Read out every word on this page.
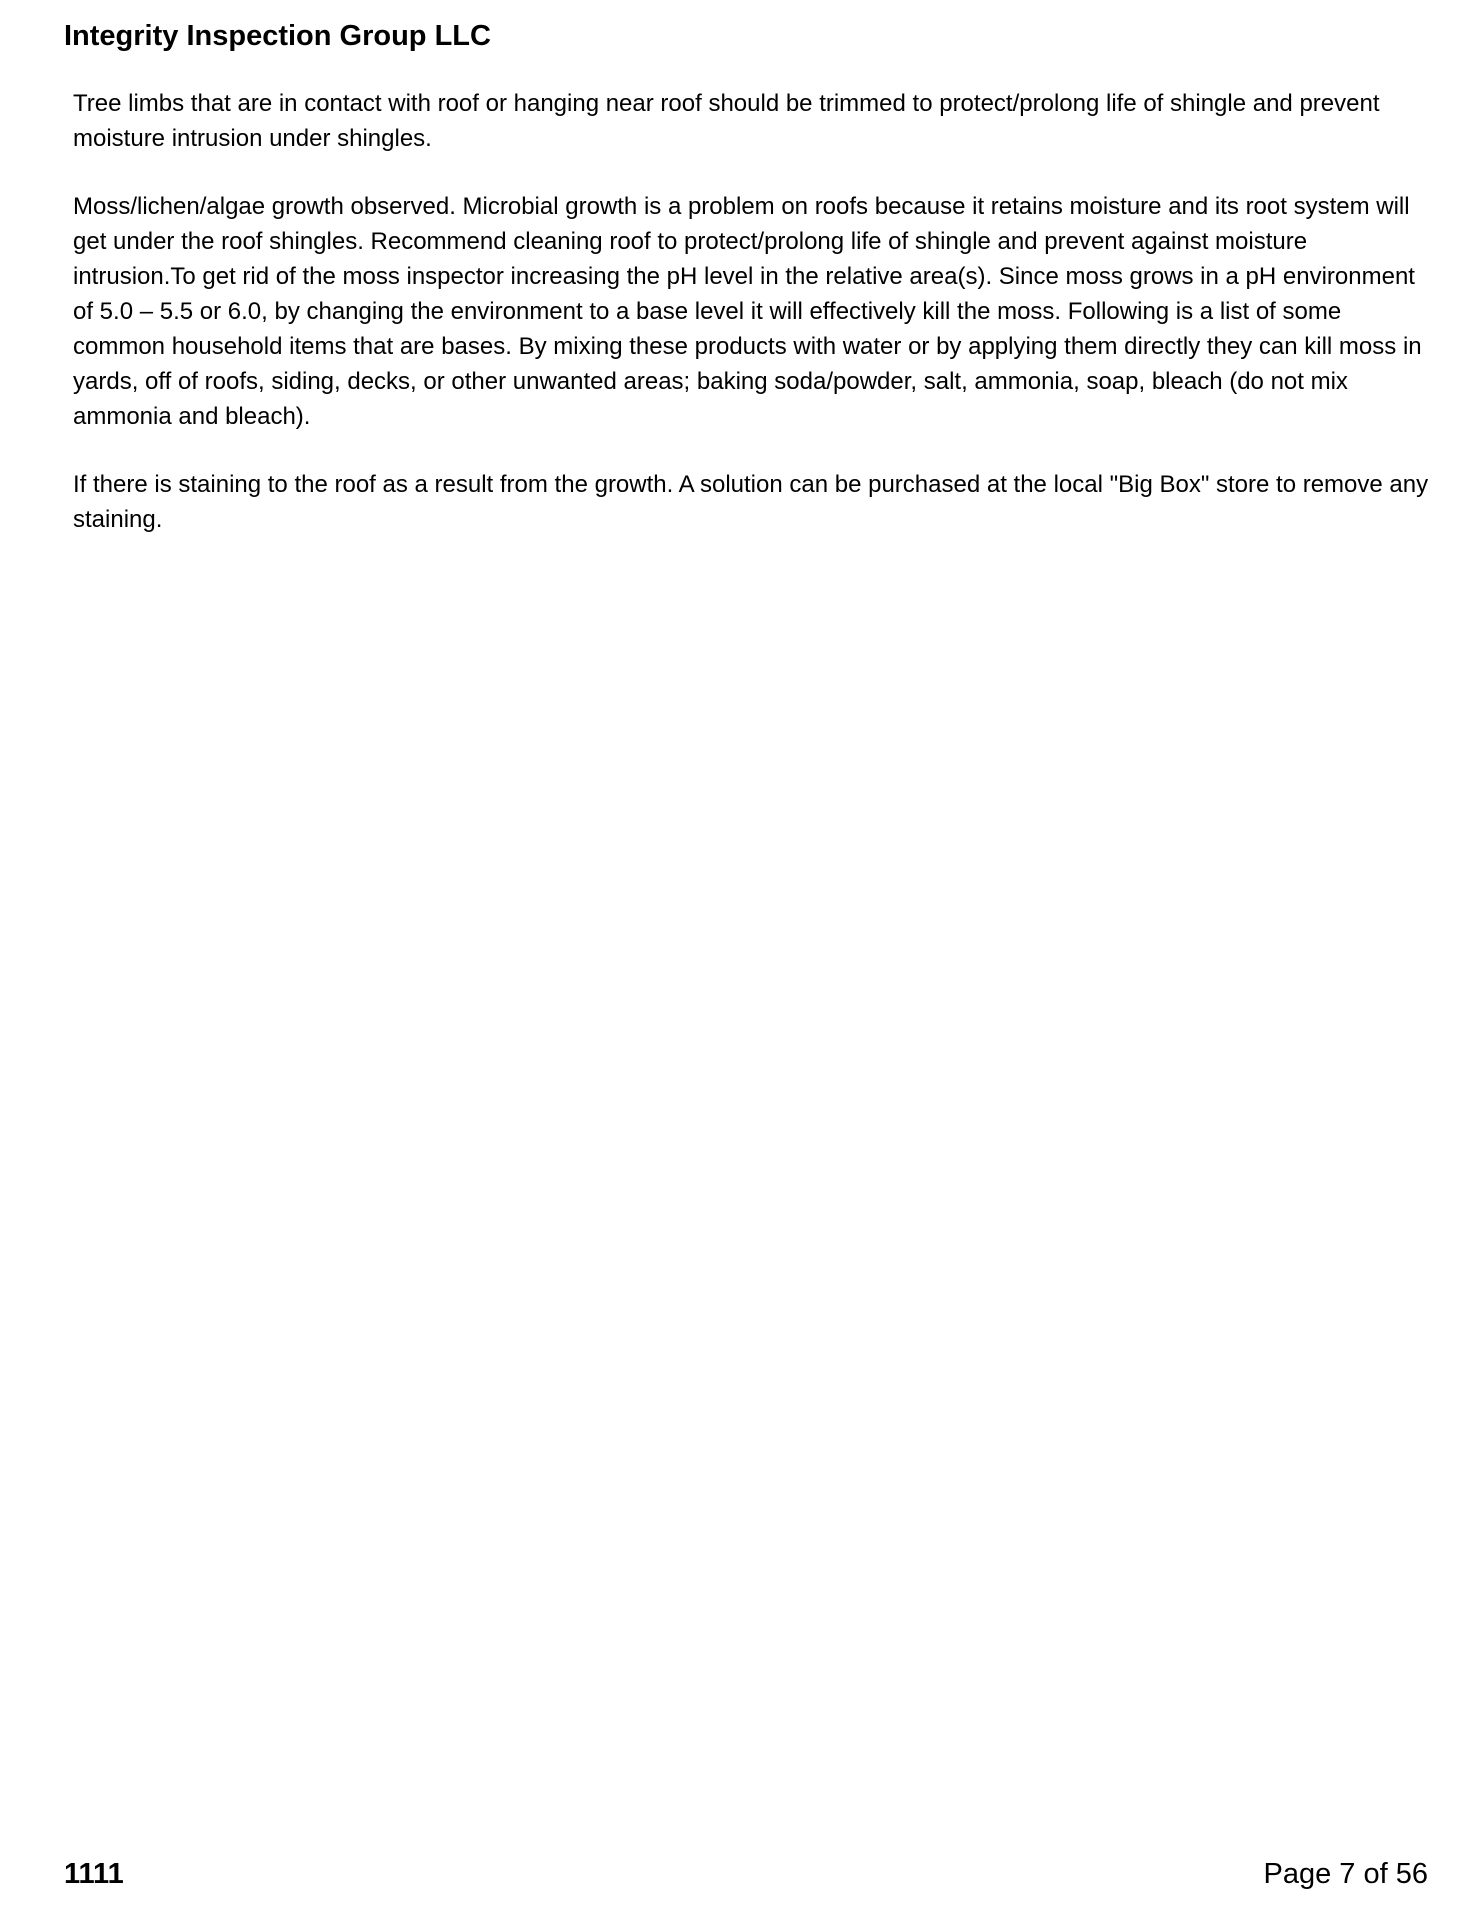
Integrity Inspection Group LLC

Tree limbs that are in contact with roof or hanging near roof should be trimmed to protect/prolong life of shingle and prevent moisture intrusion under shingles.

Moss/lichen/algae growth observed. Microbial growth is a problem on roofs because it retains moisture and its root system will get under the roof shingles. Recommend cleaning roof to protect/prolong life of shingle and prevent against moisture intrusion.To get rid of the moss inspector increasing the pH level in the relative area(s). Since moss grows in a pH environment of 5.0 – 5.5 or 6.0, by changing the environment to a base level it will effectively kill the moss. Following is a list of some common household items that are bases. By mixing these products with water or by applying them directly they can kill moss in yards, off of roofs, siding, decks, or other unwanted areas; baking soda/powder, salt, ammonia, soap, bleach (do not mix ammonia and bleach).

If there is staining to the roof as a result from the growth. A solution can be purchased at the local "Big Box" store to remove any staining.

1111	Page 7 of 56
